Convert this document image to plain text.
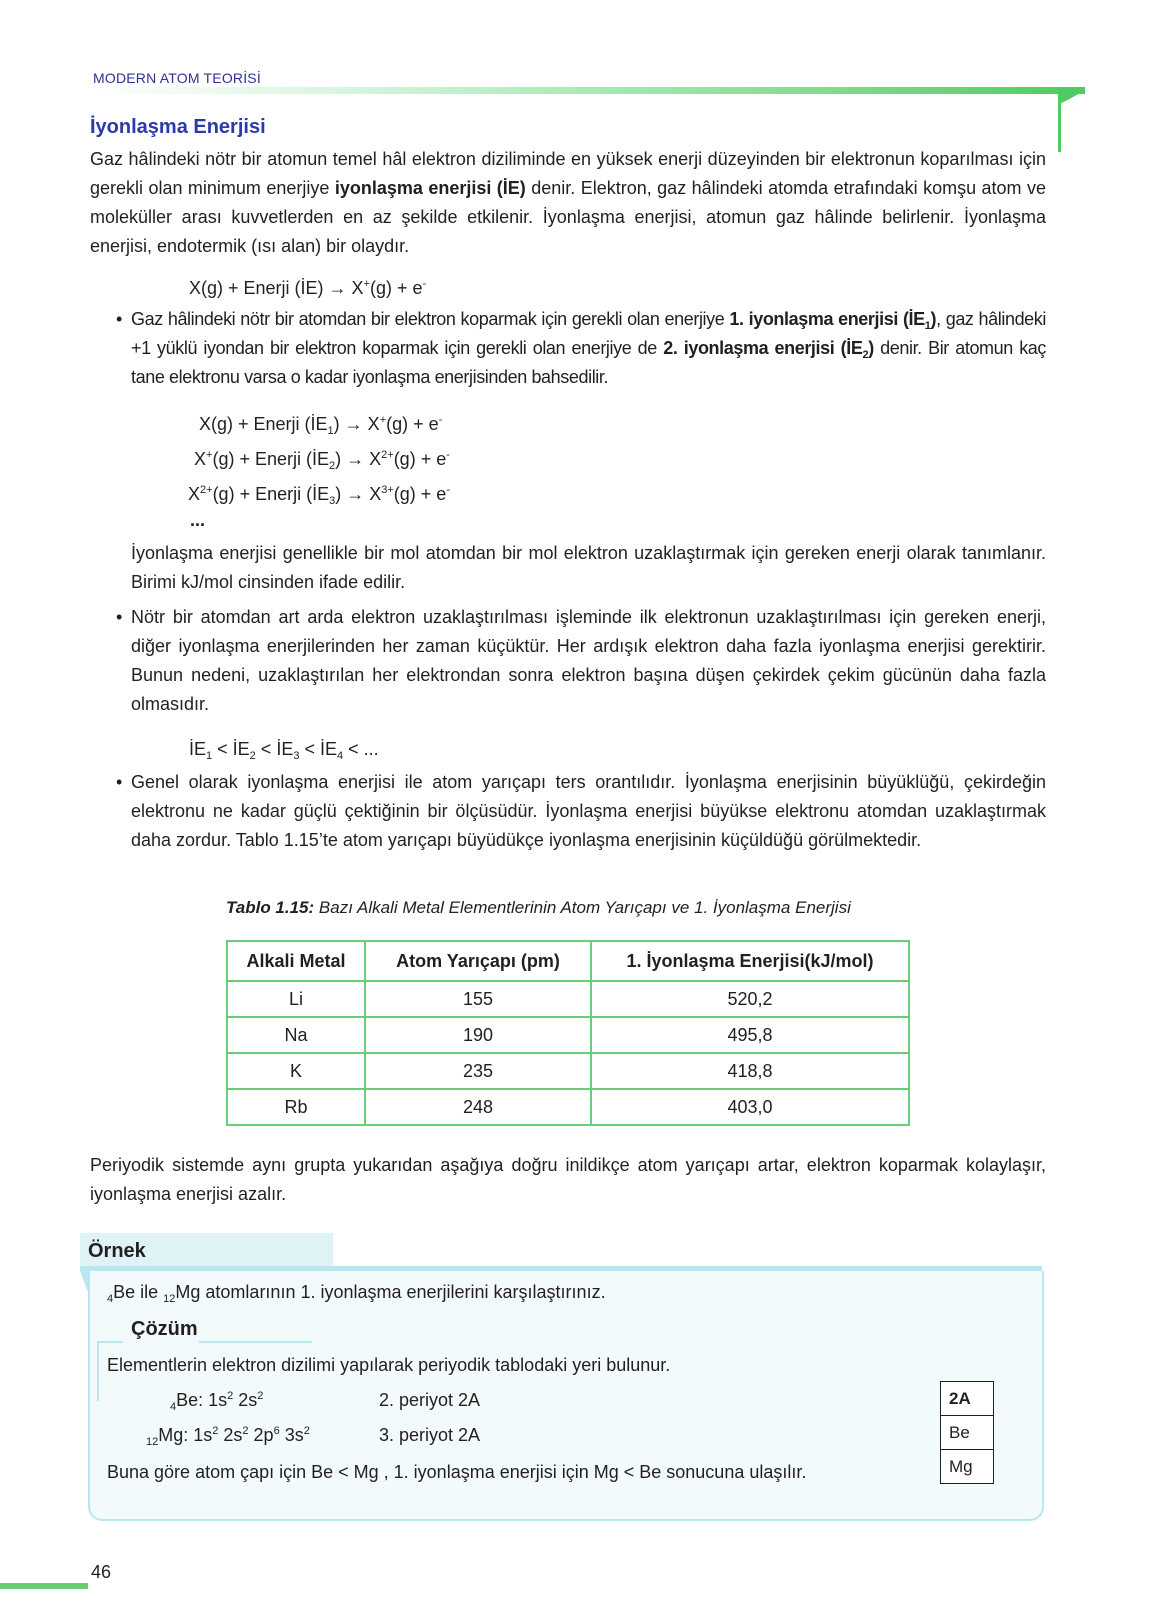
MODERN ATOM TEORİSİ
İyonlaşma Enerjisi
Gaz hâlindeki nötr bir atomun temel hâl elektron diziliminde en yüksek enerji düzeyinden bir elektronun koparılması için gerekli olan minimum enerjiye iyonlaşma enerjisi (İE) denir. Elektron, gaz hâlindeki atomda etrafındaki komşu atom ve moleküller arası kuvvetlerden en az şekilde etkilenir. İyonlaşma enerjisi, atomun gaz hâlinde belirlenir. İyonlaşma enerjisi, endotermik (ısı alan) bir olaydır.
X(g) + Enerji (İE) → X+(g) + e-
• Gaz hâlindeki nötr bir atomdan bir elektron koparmak için gerekli olan enerjiye 1. iyonlaşma enerjisi $(İE_1)$, gaz hâlindeki +1 yüklü iyondan bir elektron koparmak için gerekli olan enerjiye de 2. iyonlaşma enerjisi $(İE_2)$ denir. Bir atomun kaç tane elektronu varsa o kadar iyonlaşma enerjisinden bahsedilir.
X(g) + Enerji $(İE_1) \to X^+(g) + e^-$
X+(g) + Enerji $(İE_2) \to X^{2+}(g) + e^-$
$X^{2+}(g)$ + Enerji $(İE_3) \to X^{3+}(g) + e^-$
...
İyonlaşma enerjisi genellikle bir mol atomdan bir mol elektron uzaklaştırmak için gereken enerji olarak tanımlanır. Birimi kJ/mol cinsinden ifade edilir.
• Nötr bir atomdan art arda elektron uzaklaştırılması işleminde ilk elektronun uzaklaştırılması için gereken enerji, diğer iyonlaşma enerjilerinden her zaman küçüktür. Her ardışık elektron daha fazla iyonlaşma enerjisi gerektirir. Bunun nedeni, uzaklaştırılan her elektrondan sonra elektron başına düşen çekirdek çekim gücünün daha fazla olmasıdır.
$İE_1$ < $İE_2$ < $İE_3$ < $İE_4$ < ...
• Genel olarak iyonlaşma enerjisi ile atom yarıçapı ters orantılıdır. İyonlaşma enerjisinin büyüklüğü, çekirdeğin elektronu ne kadar güçlü çektiğinin bir ölçüsüdür. İyonlaşma enerjisi büyükse elektronu atomdan uzaklaştırmak daha zordur. Tablo 1.15’te atom yarıçapı büyüdükçe iyonlaşma enerjisinin küçüldüğü görülmektedir.
Tablo 1.15: Bazı Alkali Metal Elementlerinin Atom Yarıçapı ve 1. İyonlaşma Enerjisi
Alkali Metal	Atom Yarıçapı (pm)	1. İyonlaşma Enerjisi(kJ/mol)
Li	155	520,2
Na	190	495,8
K	235	418,8
Rb	248	403,0
Periyodik sistemde aynı grupta yukarıdan aşağıya doğru inildikçe atom yarıçapı artar, elektron koparmak kolaylaşır, iyonlaşma enerjisi azalır.
Örnek
$_4$Be ile $_{12}$Mg atomlarının 1. iyonlaşma enerjilerini karşılaştırınız.
Çözüm
Elementlerin elektron dizilimi yapılarak periyodik tablodaki yeri bulunur.
$_4$Be: $1s^2$ $2s^2$	2. periyot 2A
$_{12}$Mg: $1s^2$ $2s^2$ $2p^6$ $3s^2$	3. periyot 2A
Buna göre atom çapı için Be < Mg , 1. iyonlaşma enerjisi için Mg < Be sonucuna ulaşılır.
2A
Be
Mg
46
